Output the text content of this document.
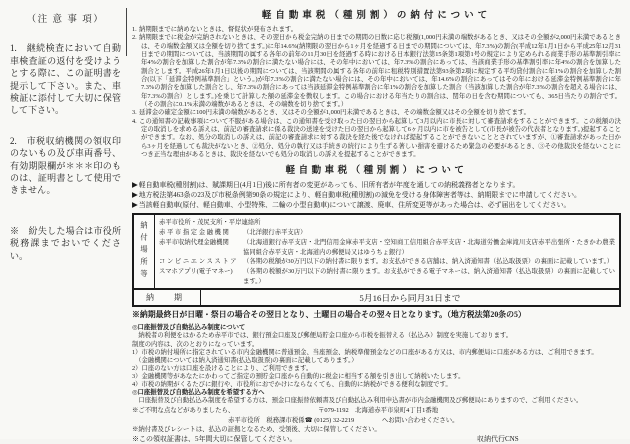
（注 意 事 項）

1.　継続検査において自動車検査証の返付を受けようとする際に、この証明書を提示して下さい。また、車検証に添付して大切に保管して下さい。

2.　市税収納機関の領収印のないもの及び車両番号、有効期限欄が＊＊＊印のものは、証明書として使用できません。

※　紛失した場合は市役所税務課までおいでください。

軽自動車税（種別割）の納付について

1. 納期限までに納めないときは、督促状が発布されます。

2. 納期限までに税金が完納されないときは、その翌日から税金完納の日までの期間の日数に応じ税額(1,000円未満の端数があるとき、又はその全額が2,000円未満であるときは、その端数金額又は全額を切り捨てます。)に年14.6%(納期限の翌日から1ヶ月を経過する日までの期間については、年7.3%)の割合(平成12年1月1日から平成25年12月31日までの期間については、当該期間の属する各年の前年の11月30日を経過する時における日本銀行法第15条第1項第1号の規定により定められる商業手形の基準割引率に年4%の割合を加算した割合が年7.3%の割合に満たない場合には、その年中においては、年7.3%の割合にあっては、当該商業手形の基準割引率に年4%の割合を加算した割合とします。平成26年1月1日以後の期間については、当該期間の属する各年の前年に租税特別措置法第93条第2項に規定する平均貸付割合に年1%の割合を加算した割合(以下「延滞金特例基準割合」という。)が年7.3%の割合に満たない場合には、その年中においては、年14.6%の割合にあってはその年における延滞金特例基準割合に年7.3%の割合を加算した割合とし、年7.3%の割合にあっては当該延滞金特例基準割合に年1%の割合を加算した割合（当該加算した割合が年7.3%の割合を超える場合には、年7.3%の割合）とします。)を乗じて計算した額の延滞金を徴収します。この場合における年当たりの割合は、閏年の日を含む期間についても、365日当たりの割合です。（その割合に0.1%未満の端数があるときは、その端数を切り捨てます。）

3. 延滞金の確定金額に100円未満の端数があるとき、又はその全額が1,000円未満であるときは、その端数金額又はその全額を切り捨てます。

4. この通知書の記載事項について不服がある場合は、この通知書を受け取った日の翌日から起算して3月以内に市長に対して審査請求をすることができます。この税額の決定の取消しを求める訴えは、前記の審査請求に係る裁決の送達を受けた日の翌日から起算して6ヶ月以内に市を被告として(市長が被告の代表者となります。)提起することができます。なお、処分の取消しの訴えは、前記の審査請求に対する裁決を経た後でなければ提起することができないこととされていますが、①審査請求があった日から3ヶ月を経過しても裁決がないとき、②処分、処分の執行又は手続きの続行により生ずる著しい損害を避けるため緊急の必要があるとき、③その他裁決を経ないことにつき正当な理由があるときは、裁決を経ないでも処分の取消しの訴えを提起することができます。

軽自動車税（種別割）について
▶軽自動車税(種別割)は、賦課期日(4月1日)後に所有者の変更があっても、旧所有者が年度を通しての納税義務者となります。
▶地方税法第463条の23及び市税条例第90条の規定により、軽自動車税(種別割)の減免を受ける身体障害者等は、納期限までに申請してください。
▶当該軽自動車(原付、軽自動車、小型特殊、二輪の小型自動車)について譲渡、廃車、住所変更等があった場合は、必ず届出をしてください。
納付場所等	赤平市役所・茂尻支所・平岸連絡所
赤平市指定金融機関	（北洋銀行赤平支店）
赤平市収納代理金融機関	（北海道銀行赤平支店・北門信用金庫赤平支店・空知商工信用組合赤平支店・北海道労働金庫滝川支店赤平出張所・たきかわ農業協同組合赤平支店・北海道内の郵便局又はゆうちょ銀行）
コンビニエンスストア （各期の税額が30万円以下の納付書に限ります。お支払ができる店舗は、納入済通知書（払込取扱票）の裏面に記載しています。）
スマホアプリ(電子マネー)	（各期の税額が30万円以下の納付書に限ります。お支払ができる電子マネーは、納入済通知書（払込取扱票）の裏面に記載しています。）
納　期	5月16日から同月31日まで
※納期最終日が日曜・祭日の場合その翌日となり、土曜日の場合その翌々日となります。（地方税法第20条の5）

◎口座振替及び自動払込み制度について

　納税者の利便をはかるため赤平市では、銀行預金口座及び郵便局貯金口座から市税を振替える（払込み）制度を実施しております。

制度の内容は、次のとおりになっています。

1）市税の納付場所に指定されている市内金融機関に普通預金、当座預金、納税準備預金などの口座がある方又は、市内郵便局に口座がある方は、ご利用できます。

　（金融機関については納入済通知書(払込取扱票)の裏面に記載してあります。）

2）口座のない方は口座を設けることにより、ご利用できます。

3）金融機関等があなたにかわってご指定の預貯金口座から自動的に税金に相当する額を引き出して納税いたします。

4）市税の納期がくるたびに銀行や、市役所におでかけにならなくても、自動的に納税ができる便利な制度です。

◎口座振替及び自動払込み制度を希望する方へ

　口座振替及び自動払込み制度を希望する方は、預金口座振替依頼書及び自動払込み利用申込書が市内金融機関及び郵便局にありますので、ご利用ください。

※ご不明な点などがありましたら、	〒079-1192　北海道赤平市泉町4丁目1番地
赤平市役所　税務課市税係☎ (0125) 32-2219	へお問い合わせください。
※納付書及びレシートは、払込の証拠となるため、受領後、大切に保管してください。
※この領収証書は、5年間大切に保管してください。	収納代行CNS
